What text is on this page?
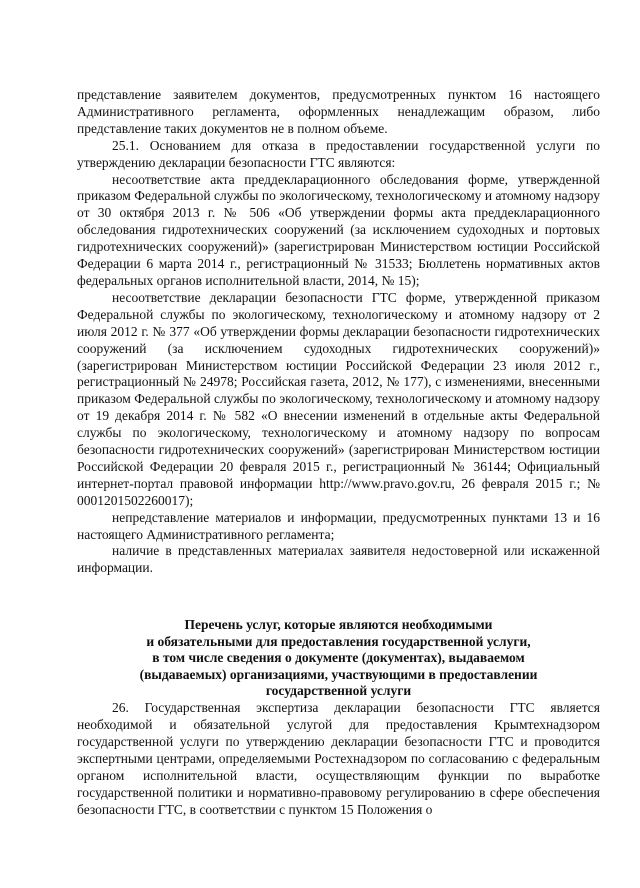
представление заявителем документов, предусмотренных пунктом 16 настоящего Административного регламента, оформленных ненадлежащим образом, либо представление таких документов не в полном объеме.

25.1. Основанием для отказа в предоставлении государственной услуги по утверждению декларации безопасности ГТС являются:

несоответствие акта преддекларационного обследования форме, утвержденной приказом Федеральной службы по экологическому, технологическому и атомному надзору от 30 октября 2013 г. № 506 «Об утверждении формы акта преддекларационного обследования гидротехнических сооружений (за исключением судоходных и портовых гидротехнических сооружений)» (зарегистрирован Министерством юстиции Российской Федерации 6 марта 2014 г., регистрационный № 31533; Бюллетень нормативных актов федеральных органов исполнительной власти, 2014, № 15);

несоответствие декларации безопасности ГТС форме, утвержденной приказом Федеральной службы по экологическому, технологическому и атомному надзору от 2 июля 2012 г. № 377 «Об утверждении формы декларации безопасности гидротехнических сооружений (за исключением судоходных гидротехнических сооружений)» (зарегистрирован Министерством юстиции Российской Федерации 23 июля 2012 г., регистрационный № 24978; Российская газета, 2012, № 177), с изменениями, внесенными приказом Федеральной службы по экологическому, технологическому и атомному надзору от 19 декабря 2014 г. № 582 «О внесении изменений в отдельные акты Федеральной службы по экологическому, технологическому и атомному надзору по вопросам безопасности гидротехнических сооружений» (зарегистрирован Министерством юстиции Российской Федерации 20 февраля 2015 г., регистрационный № 36144; Официальный интернет-портал правовой информации http://www.pravo.gov.ru, 26 февраля 2015 г.; № 0001201502260017);

непредставление материалов и информации, предусмотренных пунктами 13 и 16 настоящего Административного регламента;

наличие в представленных материалах заявителя недостоверной или искаженной информации.

Перечень услуг, которые являются необходимыми
и обязательными для предоставления государственной услуги,
в том числе сведения о документе (документах), выдаваемом
(выдаваемых) организациями, участвующими в предоставлении
государственной услуги

26. Государственная экспертиза декларации безопасности ГТС является необходимой и обязательной услугой для предоставления Крымтехнадзором государственной услуги по утверждению декларации безопасности ГТС и проводится экспертными центрами, определяемыми Ростехнадзором по согласованию с федеральным органом исполнительной власти, осуществляющим функции по выработке государственной политики и нормативно-правовому регулированию в сфере обеспечения безопасности ГТС, в соответствии с пунктом 15 Положения о
